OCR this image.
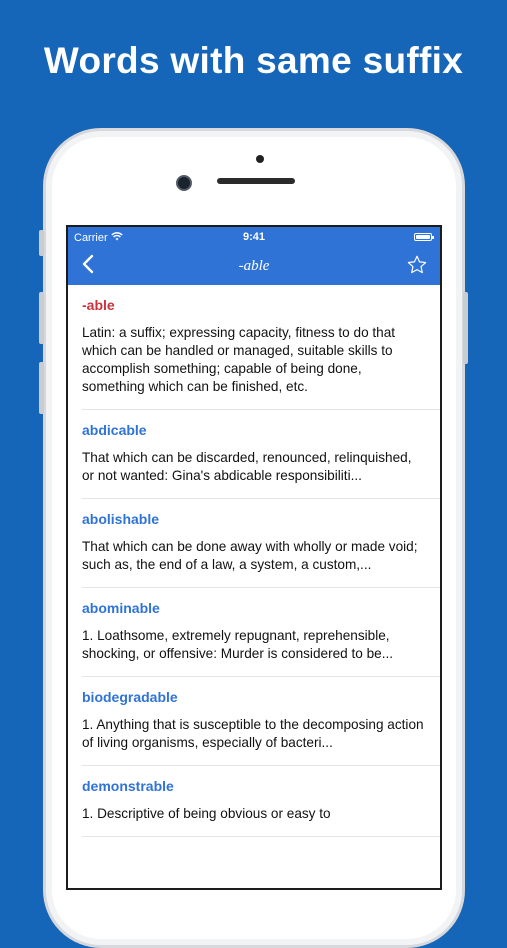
Words with same suffix
Carrier	9:41
-able
-able
Latin: a suffix; expressing capacity, fitness to do that which can be handled or managed, suitable skills to accomplish something; capable of being done, something which can be finished, etc.
abdicable
That which can be discarded, renounced, relinquished, or not wanted: Gina's abdicable responsibiliti...
abolishable
That which can be done away with wholly or made void; such as, the end of a law, a system, a custom,...
abominable
1. Loathsome, extremely repugnant, reprehensible, shocking, or offensive: Murder is considered to be...
biodegradable
1. Anything that is susceptible to the decomposing action of living organisms, especially of bacteri...
demonstrable
1. Descriptive of being obvious or easy to
